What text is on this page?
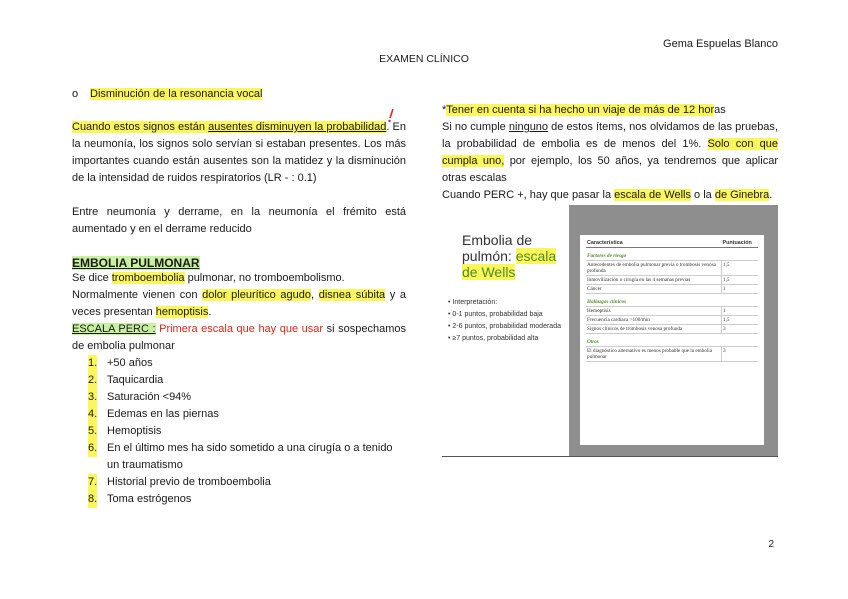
Gema Espuelas Blanco
EXAMEN CLÍNICO
o Disminución de la resonancia vocal
Cuando estos signos están ausentes disminuyen la probabilidad. En la neumonía, los signos solo servían si estaban presentes. Los más importantes cuando están ausentes son la matidez y la disminución de la intensidad de ruidos respiratorios (LR - : 0.1)
Entre neumonía y derrame, en la neumonía el frémito está aumentado y en el derrame reducido
EMBOLIA PULMONAR
Se dice tromboembolia pulmonar, no tromboembolismo.
Normalmente vienen con dolor pleurítico agudo, disnea súbita y a veces presentan hemoptisis.
ESCALA PERC : Primera escala que hay que usar si sospechamos de embolia pulmonar
1. +50 años
2. Taquicardia
3. Saturación <94%
4. Edemas en las piernas
5. Hemoptisis
6. En el último mes ha sido sometido a una cirugía o a tenido un traumatismo
7. Historial previo de tromboembolia
8. Toma estrógenos
*Tener en cuenta si ha hecho un viaje de más de 12 horas
Si no cumple ninguno de estos ítems, nos olvidamos de las pruebas, la probabilidad de embolia es de menos del 1%. Solo con que cumpla uno, por ejemplo, los 50 años, ya tendremos que aplicar otras escalas
Cuando PERC +, hay que pasar la escala de Wells o la de Ginebra.
Embolia de
pulmón: escala
de Wells
• Interpretación:
• 0-1 puntos, probabilidad baja
• 2-6 puntos, probabilidad moderada
• ≥7 puntos, probabilidad alta
Característica	Puntuación
Factores de riesgo	
Antecedentes de embolia pulmonar previa o trombosis venosa profunda	1,5
Inmovilización o cirugía en las 4 semanas previas	1,5
Cáncer	1
Hallazgos clínicos	
Hemoptisis	1
Frecuencia cardiaca >100/min	1,5
Signos clínicos de trombosis venosa profunda	3
Otros	
El diagnóstico alternativo es menos probable que la embolia pulmonar	3
2
